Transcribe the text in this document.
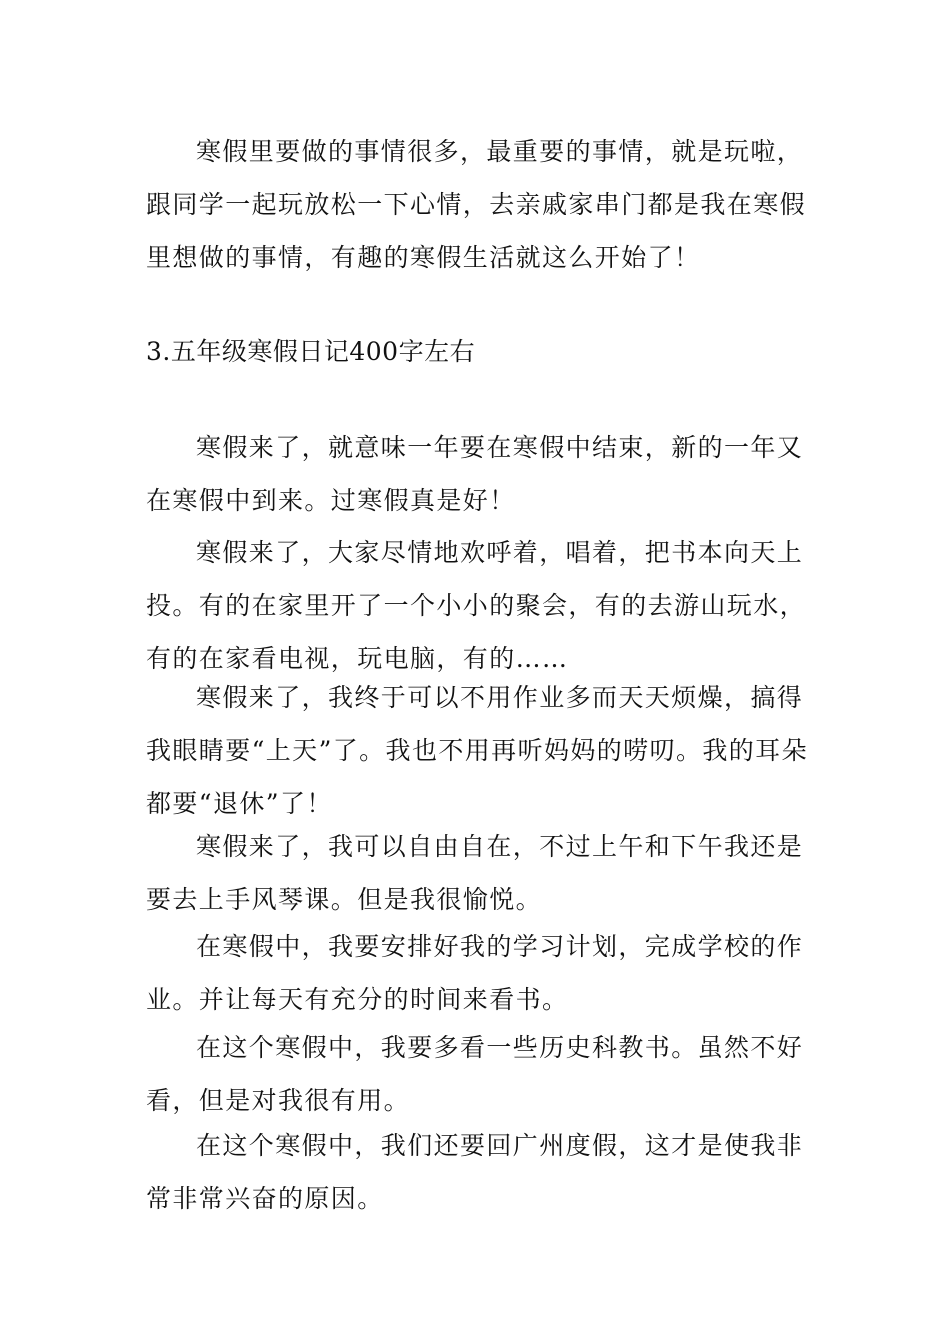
寒假里要做的事情很多，最重要的事情，就是玩啦，跟同学一起玩放松一下心情，去亲戚家串门都是我在寒假里想做的事情，有趣的寒假生活就这么开始了！

3.五年级寒假日记400字左右

寒假来了，就意味一年要在寒假中结束，新的一年又在寒假中到来。过寒假真是好！

寒假来了，大家尽情地欢呼着，唱着，把书本向天上投。有的在家里开了一个小小的聚会，有的去游山玩水，有的在家看电视，玩电脑，有的……

寒假来了，我终于可以不用作业多而天天烦燥，搞得我眼睛要“上天”了。我也不用再听妈妈的唠叨。我的耳朵都要“退休”了！

寒假来了，我可以自由自在，不过上午和下午我还是要去上手风琴课。但是我很愉悦。

在寒假中，我要安排好我的学习计划，完成学校的作业。并让每天有充分的时间来看书。

在这个寒假中，我要多看一些历史科教书。虽然不好看，但是对我很有用。

在这个寒假中，我们还要回广州度假，这才是使我非常非常兴奋的原因。
